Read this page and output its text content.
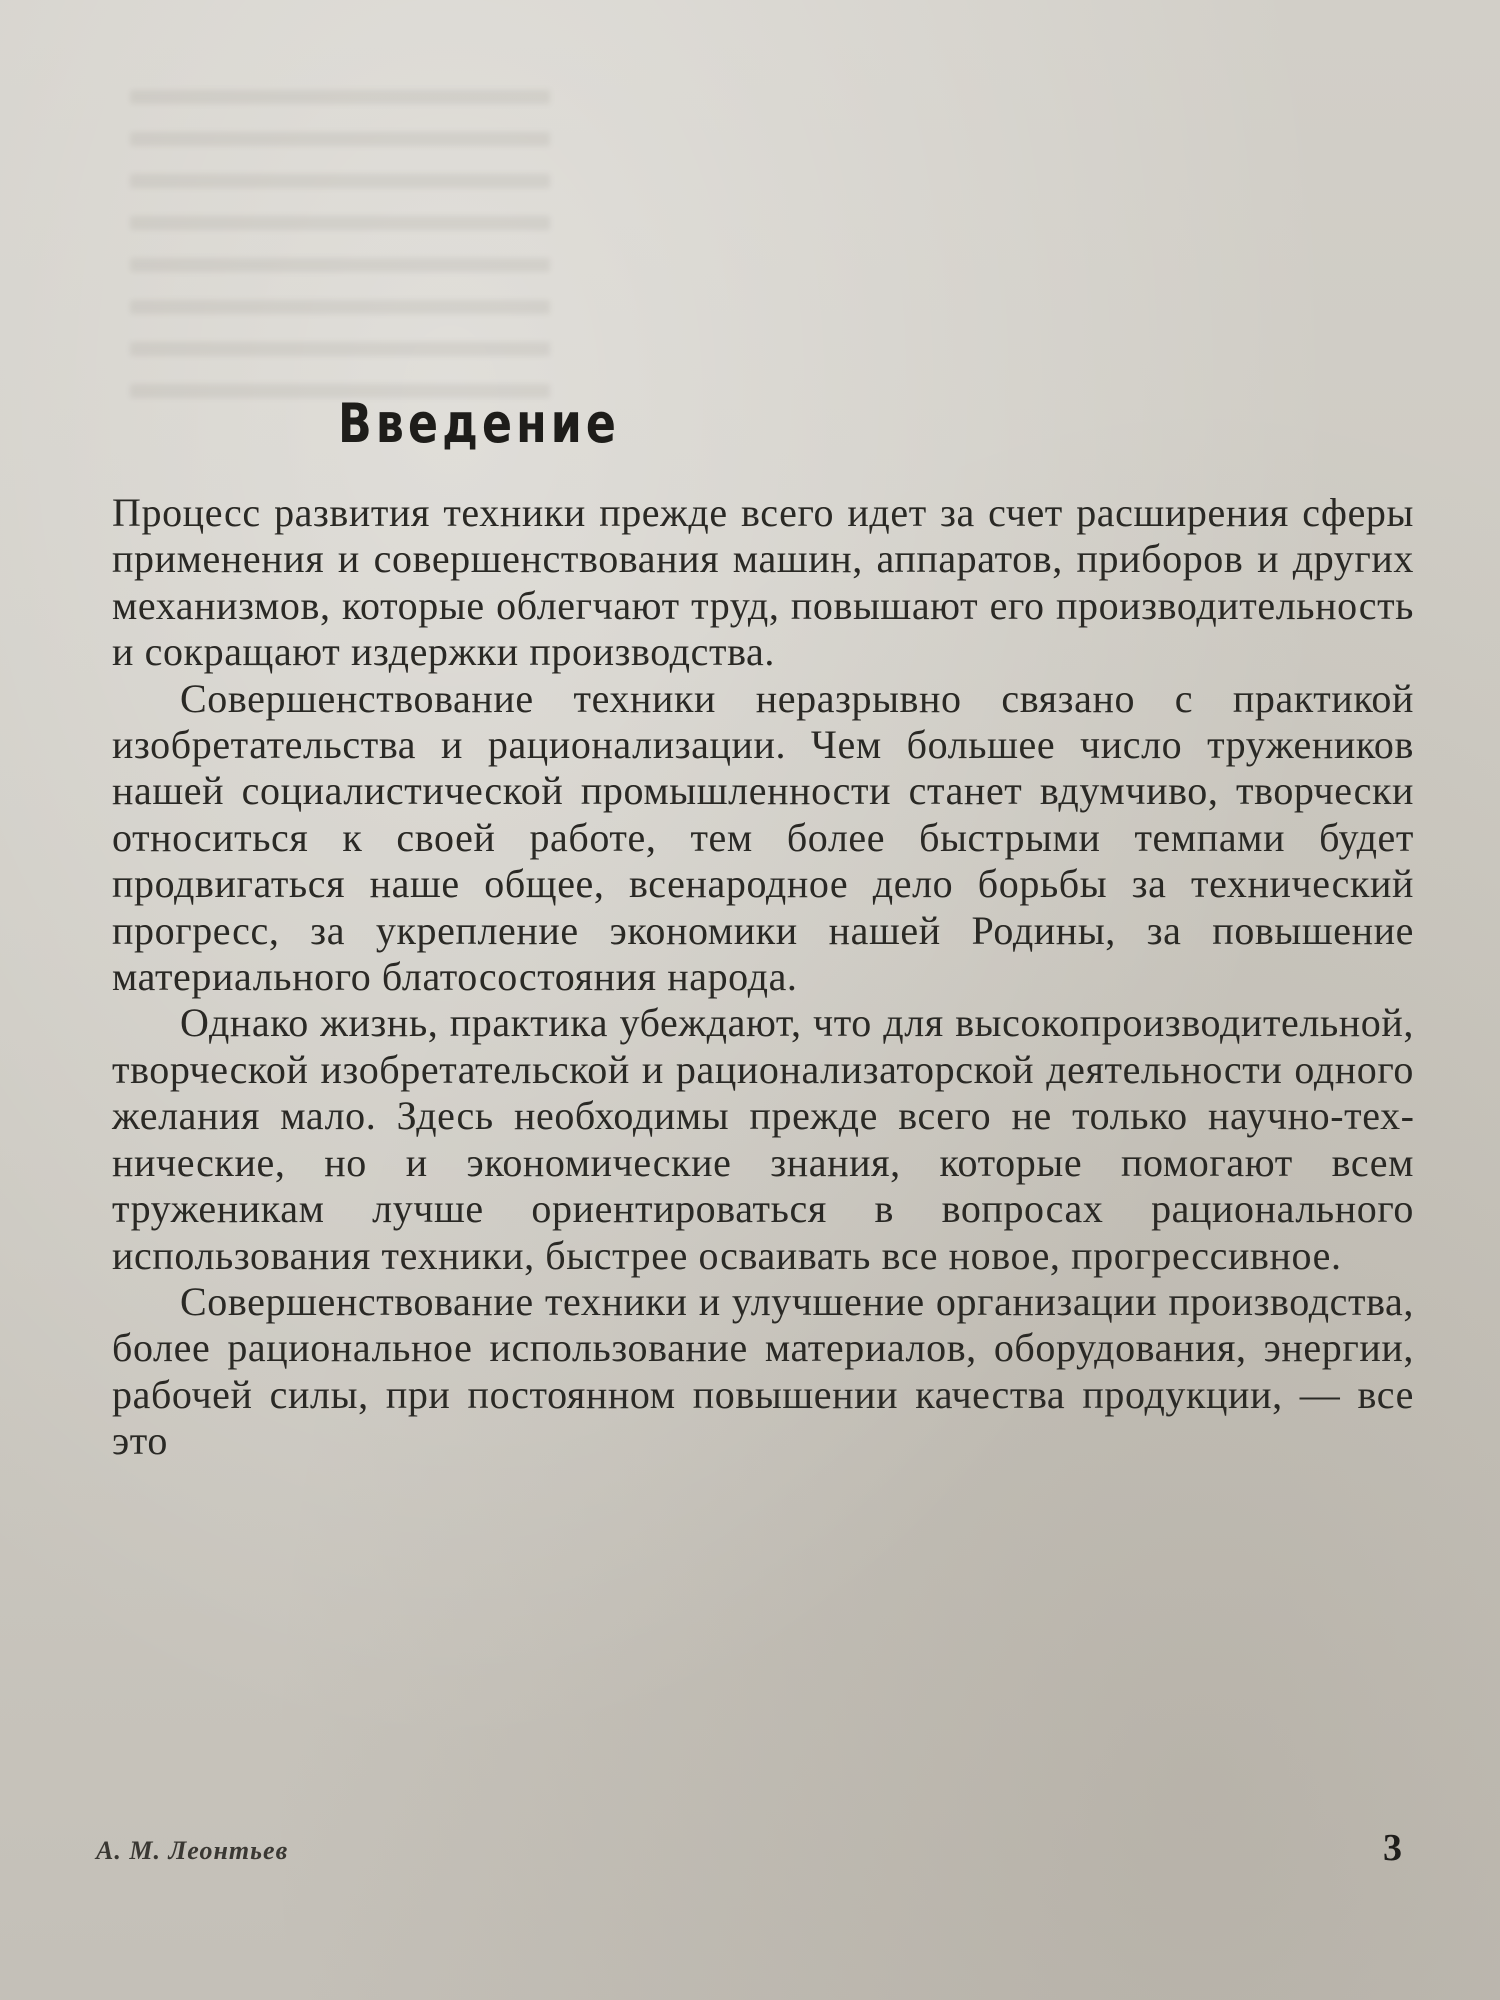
Введение

Процесс развития техники прежде всего идет за счет расширения сферы применения и совершенствования машин, аппаратов, приборов и других механизмов, которые облегчают труд, повышают его производительность и сокращают издержки производства.

Совершенствование техники неразрывно связано с практикой изобретательства и рационализации. Чем большее число тружеников нашей социалистической промышленности станет вдумчиво, творчески относиться к своей работе, тем более быстрыми темпами будет продвигаться наше общее, всенародное дело борьбы за технический прогресс, за укрепление экономики нашей Родины, за повышение материального блатосостояния народа.

Однако жизнь, практика убеждают, что для высокопроизводительной, творческой изобретательской и рационализаторской деятельности одного желания мало. Здесь необходимы прежде всего не только научно-технические, но и экономические знания, которые помогают всем труженикам лучше ориентироваться в вопросах рационального использования техники, быстрее осваивать все новое, прогрессивное.

Совершенствование техники и улучшение организации производства, более рациональное использование материалов, оборудования, энергии, рабочей силы, при постоянном повышении качества продукции, — все это

А. М. Леонтьев	3
